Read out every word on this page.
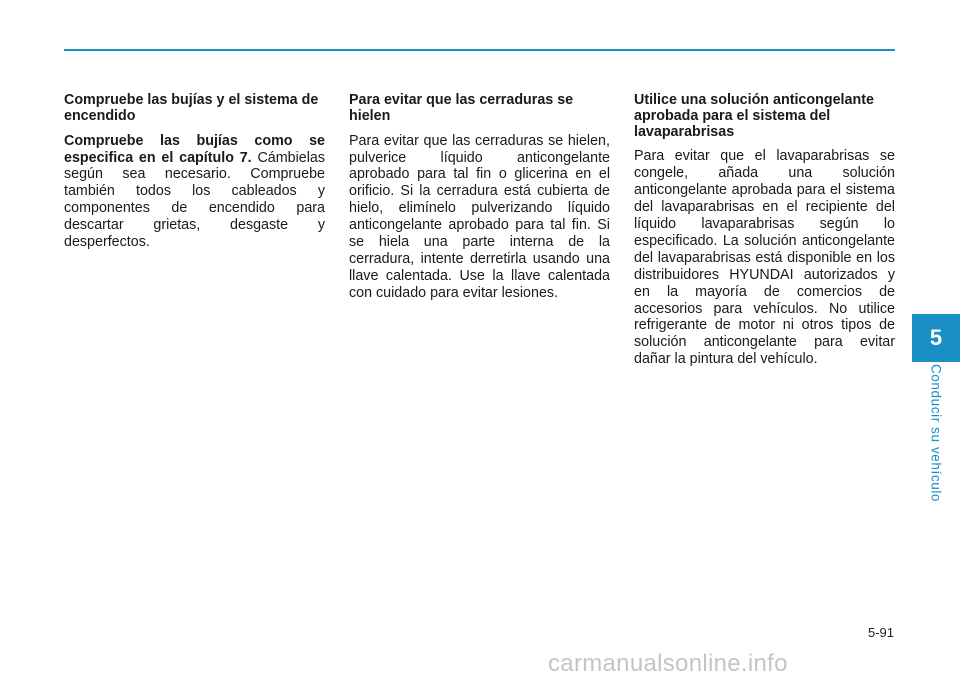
Compruebe las bujías y el sistema de encendido

Compruebe las bujías como se especifica en el capítulo 7. Cámbielas según sea necesario. Compruebe también todos los cableados y componentes de encendido para descartar grietas, desgaste y desperfectos.

Para evitar que las cerraduras se hielen

Para evitar que las cerraduras se hielen, pulverice líquido anticongelante aprobado para tal fin o glicerina en el orificio. Si la cerradura está cubierta de hielo, elimínelo pulverizando líquido anticongelante aprobado para tal fin. Si se hiela una parte interna de la cerradura, intente derretirla usando una llave calentada. Use la llave calentada con cuidado para evitar lesiones.

Utilice una solución anticongelante aprobada para el sistema del lavaparabrisas

Para evitar que el lavaparabrisas se congele, añada una solución anticongelante aprobada para el sistema del lavaparabrisas en el recipiente del líquido lavaparabrisas según lo especificado. La solución anticongelante del lavaparabrisas está disponible en los distribuidores HYUNDAI autorizados y en la mayoría de comercios de accesorios para vehículos. No utilice refrigerante de motor ni otros tipos de solución anticongelante para evitar dañar la pintura del vehículo.

5
Conducir su vehículo
5-91
carmanualsonline.info
